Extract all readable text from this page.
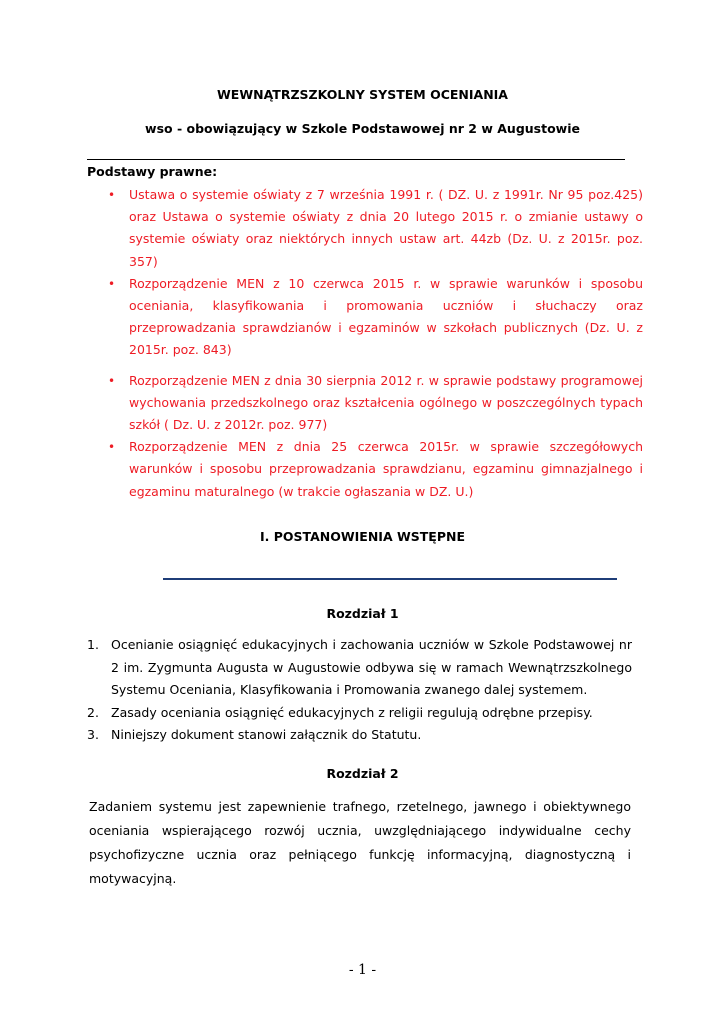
WEWNĄTRZSZKOLNY SYSTEM OCENIANIA
wso - obowiązujący w Szkole Podstawowej nr 2 w Augustowie
Podstawy prawne:
• Ustawa o systemie oświaty z 7 września 1991 r. ( DZ. U. z 1991r. Nr 95 poz.425) oraz Ustawa o systemie oświaty z dnia 20 lutego 2015 r. o zmianie ustawy o systemie oświaty oraz niektórych innych ustaw art. 44zb (Dz. U. z 2015r. poz. 357)
• Rozporządzenie MEN z 10 czerwca 2015 r. w sprawie warunków i sposobu oceniania, klasyfikowania i promowania uczniów i słuchaczy oraz przeprowadzania sprawdzianów i egzaminów w szkołach publicznych (Dz. U. z 2015r. poz. 843)
• Rozporządzenie MEN z dnia 30 sierpnia 2012 r. w sprawie podstawy programowej wychowania przedszkolnego oraz kształcenia ogólnego w poszczególnych typach szkół ( Dz. U. z 2012r. poz. 977)
• Rozporządzenie MEN z dnia 25 czerwca 2015r. w sprawie szczegółowych warunków i sposobu przeprowadzania sprawdzianu, egzaminu gimnazjalnego i egzaminu maturalnego (w trakcie ogłaszania w DZ. U.)
I. POSTANOWIENIA WSTĘPNE
Rozdział 1
1. Ocenianie osiągnięć edukacyjnych i zachowania uczniów w Szkole Podstawowej nr 2 im. Zygmunta Augusta w Augustowie odbywa się w ramach Wewnątrzszkolnego Systemu Oceniania, Klasyfikowania i Promowania zwanego dalej systemem.
2. Zasady oceniania osiągnięć edukacyjnych z religii regulują odrębne przepisy.
3. Niniejszy dokument stanowi załącznik do Statutu.
Rozdział 2
Zadaniem systemu jest zapewnienie trafnego, rzetelnego, jawnego i obiektywnego oceniania wspierającego rozwój ucznia, uwzględniającego indywidualne cechy psychofizyczne ucznia oraz pełniącego funkcję informacyjną, diagnostyczną i motywacyjną.
- 1 -
